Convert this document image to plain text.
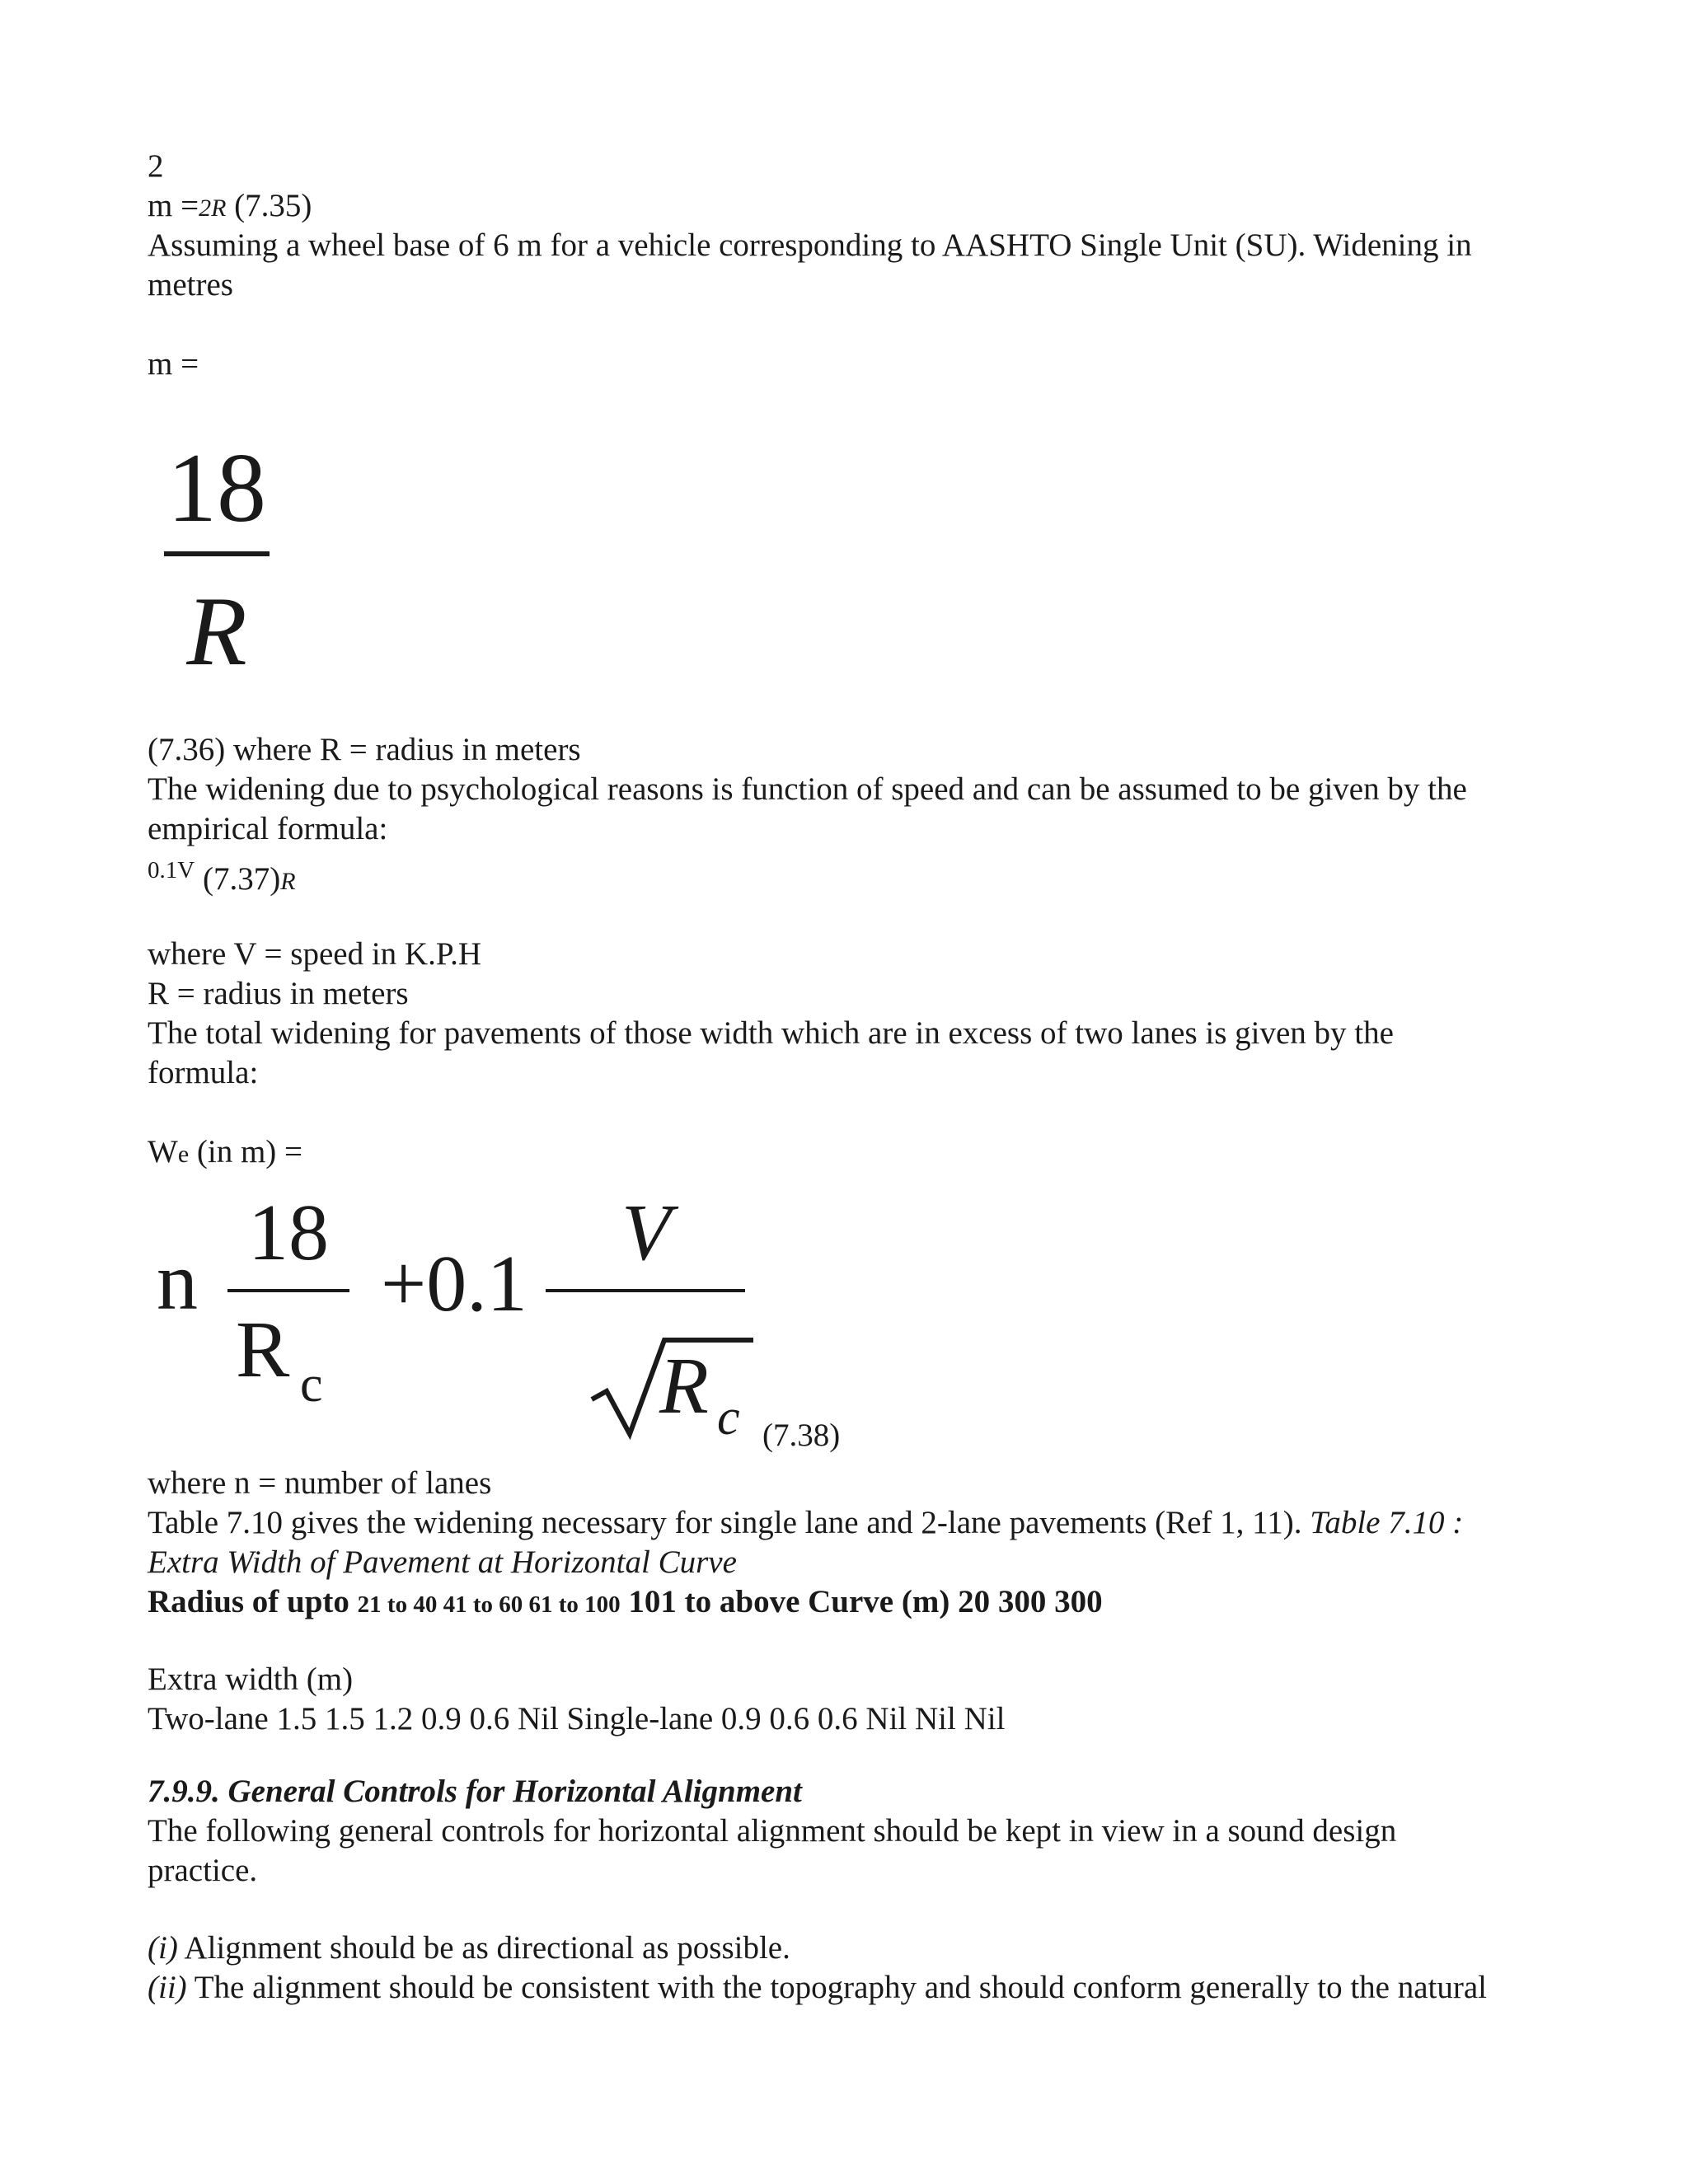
2
m =2R (7.35)
Assuming a wheel base of 6 m for a vehicle corresponding to AASHTO Single Unit (SU). Widening in
metres
m =
18
R
(7.36) where R = radius in meters
The widening due to psychological reasons is function of speed and can be assumed to be given by the
empirical formula:
$^{0.1V}$ (7.37)R
where V = speed in K.P.H
R = radius in meters
The total widening for pavements of those width which are in excess of two lanes is given by the
formula:
We (in m) =
n
18
R c
+0.1
V
R c (7.38)
where n = number of lanes
Table 7.10 gives the widening necessary for single lane and 2-lane pavements (Ref 1, 11). Table 7.10 :
Extra Width of Pavement at Horizontal Curve
Radius of upto 21 to 40 41 to 60 61 to 100 101 to above Curve (m) 20 300 300
Extra width (m)
Two-lane 1.5 1.5 1.2 0.9 0.6 Nil Single-lane 0.9 0.6 0.6 Nil Nil Nil
7.9.9. General Controls for Horizontal Alignment
The following general controls for horizontal alignment should be kept in view in a sound design
practice.
(i) Alignment should be as directional as possible.
(ii) The alignment should be consistent with the topography and should conform generally to the natural
